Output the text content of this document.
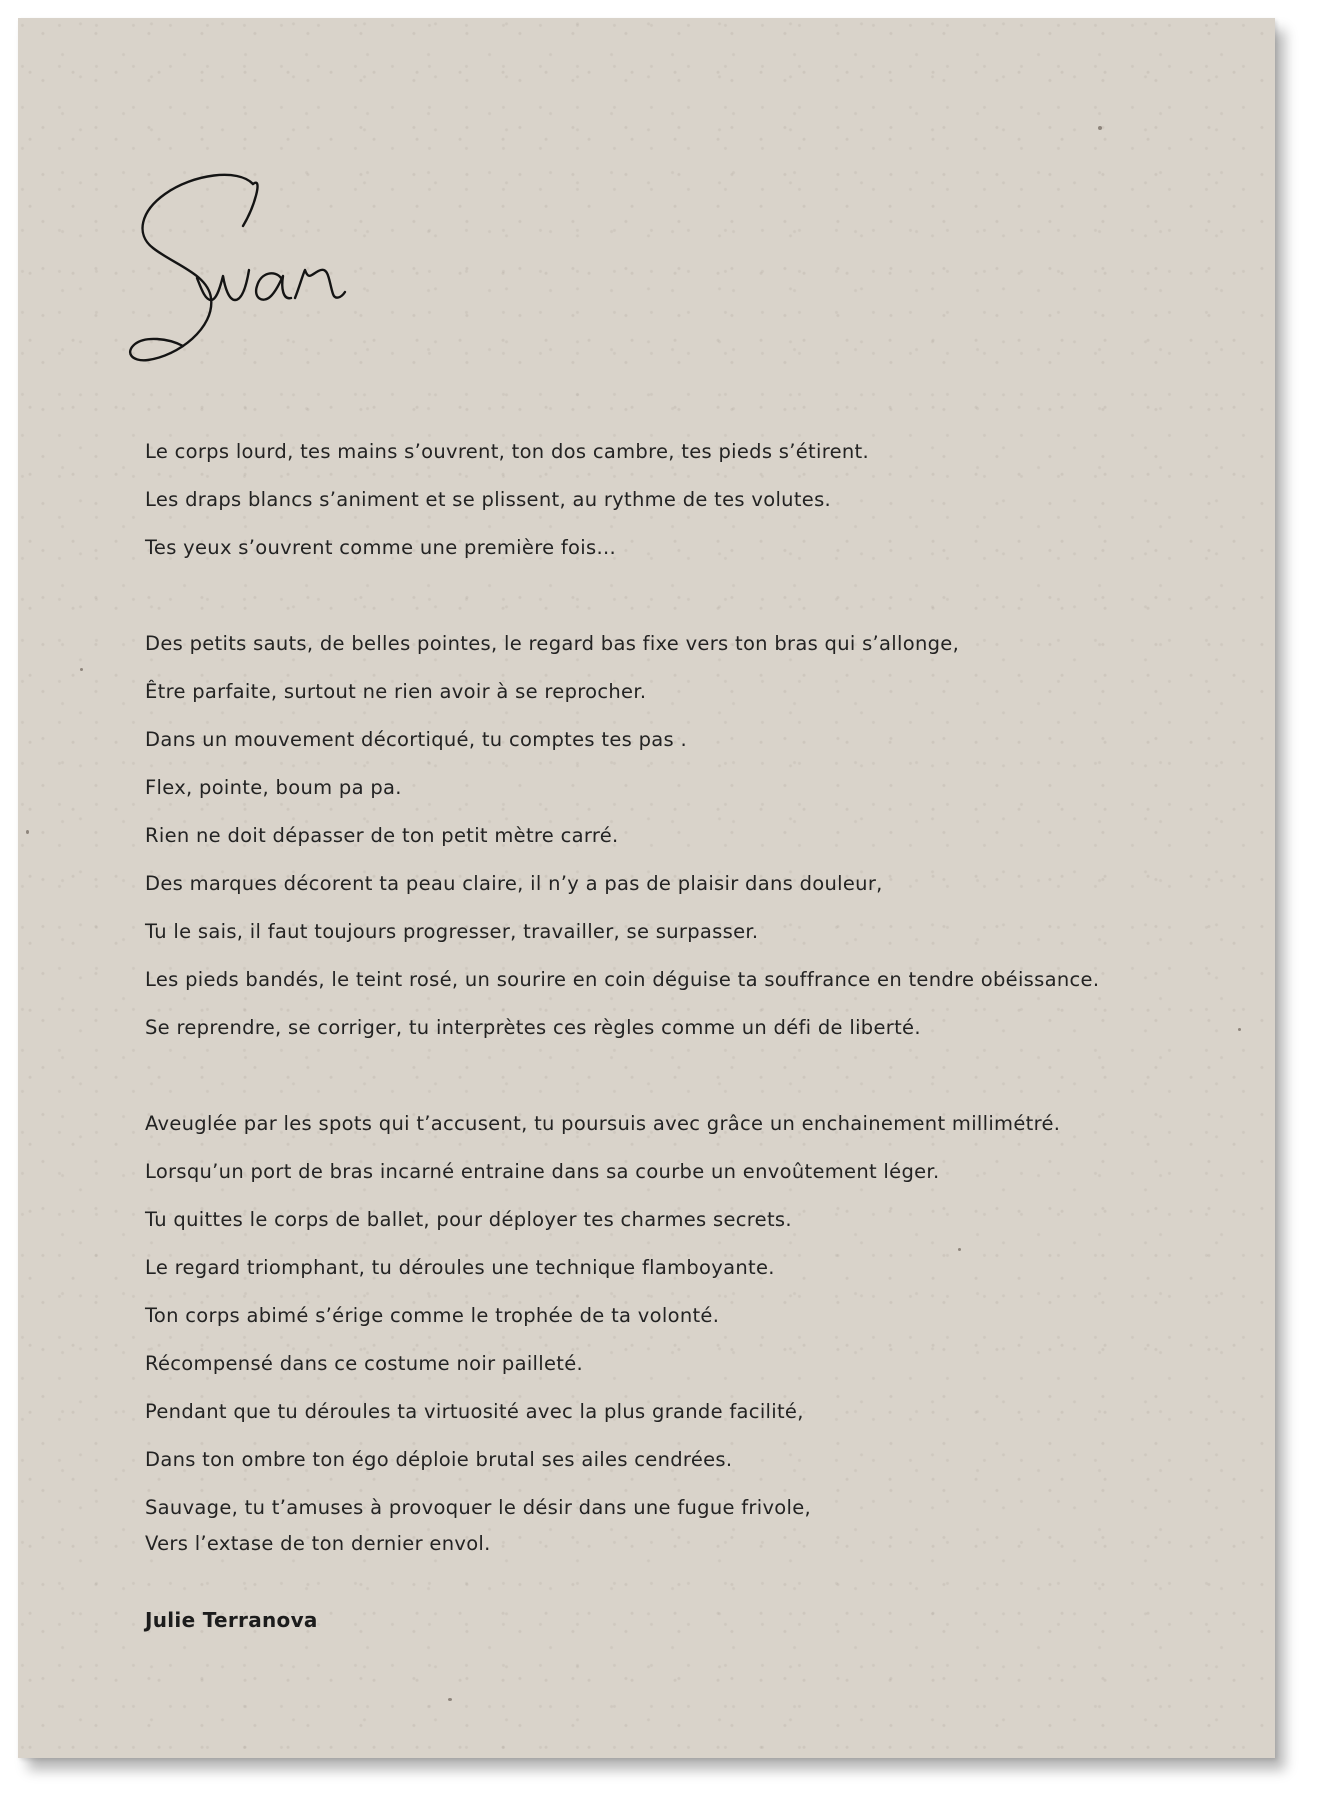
Le corps lourd, tes mains s’ouvrent, ton dos cambre, tes pieds s’étirent.
Les draps blancs s’animent et se plissent, au rythme de tes volutes.
Tes yeux s’ouvrent comme une première fois...
Des petits sauts, de belles pointes, le regard bas fixe vers ton bras qui s’allonge,
Être parfaite, surtout ne rien avoir à se reprocher.
Dans un mouvement décortiqué, tu comptes tes pas .
Flex, pointe, boum pa pa.
Rien ne doit dépasser de ton petit mètre carré.
Des marques décorent ta peau claire, il n’y a pas de plaisir dans douleur,
Tu le sais, il faut toujours progresser, travailler, se surpasser.
Les pieds bandés, le teint rosé, un sourire en coin déguise ta souffrance en tendre obéissance.
Se reprendre, se corriger, tu interprètes ces règles comme un défi de liberté.
Aveuglée par les spots qui t’accusent, tu poursuis avec grâce un enchainement millimétré.
Lorsqu’un port de bras incarné entraine dans sa courbe un envoûtement léger.
Tu quittes le corps de ballet, pour déployer tes charmes secrets.
Le regard triomphant, tu déroules une technique flamboyante.
Ton corps abimé s’érige comme le trophée de ta volonté.
Récompensé dans ce costume noir pailleté.
Pendant que tu déroules ta virtuosité avec la plus grande facilité,
Dans ton ombre ton égo déploie brutal ses ailes cendrées.
Sauvage, tu t’amuses à provoquer le désir dans une fugue frivole,
Vers l’extase de ton dernier envol.
Julie Terranova
